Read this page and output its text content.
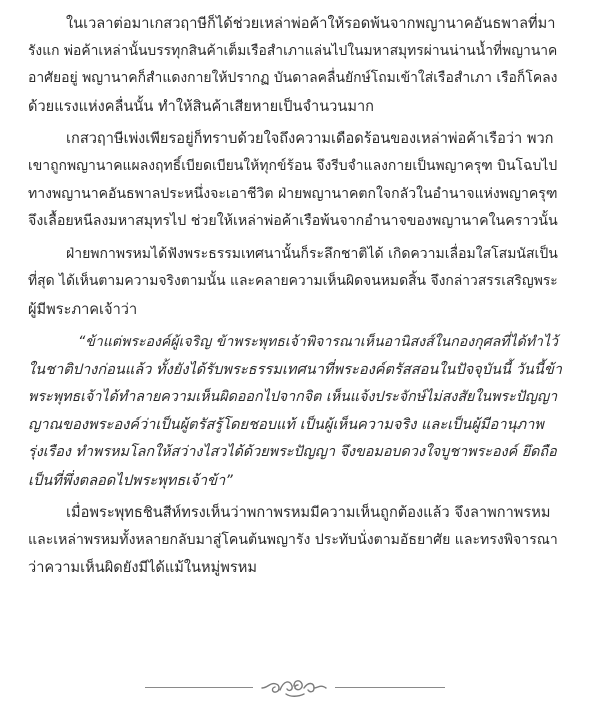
ในเวลาต่อมาเกสวฤาษีก็ได้ช่วยเหล่าพ่อค้าให้รอดพ้นจากพญานาคอันธพาลที่มา
รังแก พ่อค้าเหล่านั้นบรรทุกสินค้าเต็มเรือสำเภาแล่นไปในมหาสมุทรผ่านน่านน้ำที่พญานาค
อาศัยอยู่ พญานาคก็สำแดงกายให้ปรากฏ บันดาลคลื่นยักษ์โถมเข้าใส่เรือสำเภา เรือก็โคลง
ด้วยแรงแห่งคลื่นนั้น ทำให้สินค้าเสียหายเป็นจำนวนมาก

เกสวฤาษีเพ่งเพียรอยู่ก็ทราบด้วยใจถึงความเดือดร้อนของเหล่าพ่อค้าเรือว่า พวก
เขาถูกพญานาคแผลงฤทธิ์เบียดเบียนให้ทุกข์ร้อน จึงรีบจำแลงกายเป็นพญาครุฑ บินโฉบไป
ทางพญานาคอันธพาลประหนึ่งจะเอาชีวิต ฝ่ายพญานาคตกใจกลัวในอำนาจแห่งพญาครุฑ
จึงเลื้อยหนีลงมหาสมุทรไป ช่วยให้เหล่าพ่อค้าเรือพ้นจากอำนาจของพญานาคในคราวนั้น

ฝ่ายพกาพรหมได้ฟังพระธรรมเทศนานั้นก็ระลึกชาติได้ เกิดความเลื่อมใสโสมนัสเป็น
ที่สุด ได้เห็นตามความจริงตามนั้น และคลายความเห็นผิดจนหมดสิ้น จึงกล่าวสรรเสริญพระ
ผู้มีพระภาคเจ้าว่า

“ข้าแต่พระองค์ผู้เจริญ ข้าพระพุทธเจ้าพิจารณาเห็นอานิสงส์ในกองกุศลที่ได้ทำไว้
ในชาติปางก่อนแล้ว ทั้งยังได้รับพระธรรมเทศนาที่พระองค์ตรัสสอนในปัจจุบันนี้ วันนี้ข้า
พระพุทธเจ้าได้ทำลายความเห็นผิดออกไปจากจิต เห็นแจ้งประจักษ์ไม่สงสัยในพระปัญญา
ญาณของพระองค์ว่าเป็นผู้ตรัสรู้โดยชอบแท้ เป็นผู้เห็นความจริง และเป็นผู้มีอานุภาพ
รุ่งเรือง ทำพรหมโลกให้สว่างไสวได้ด้วยพระปัญญา จึงขอมอบดวงใจบูชาพระองค์ ยึดถือ
เป็นที่พึ่งตลอดไปพระพุทธเจ้าข้า”

เมื่อพระพุทธชินสีห์ทรงเห็นว่าพกาพรหมมีความเห็นถูกต้องแล้ว จึงลาพกาพรหม
และเหล่าพรหมทั้งหลายกลับมาสู่โคนต้นพญารัง ประทับนั่งตามอัธยาศัย และทรงพิจารณา
ว่าความเห็นผิดยังมีได้แม้ในหมู่พรหม
